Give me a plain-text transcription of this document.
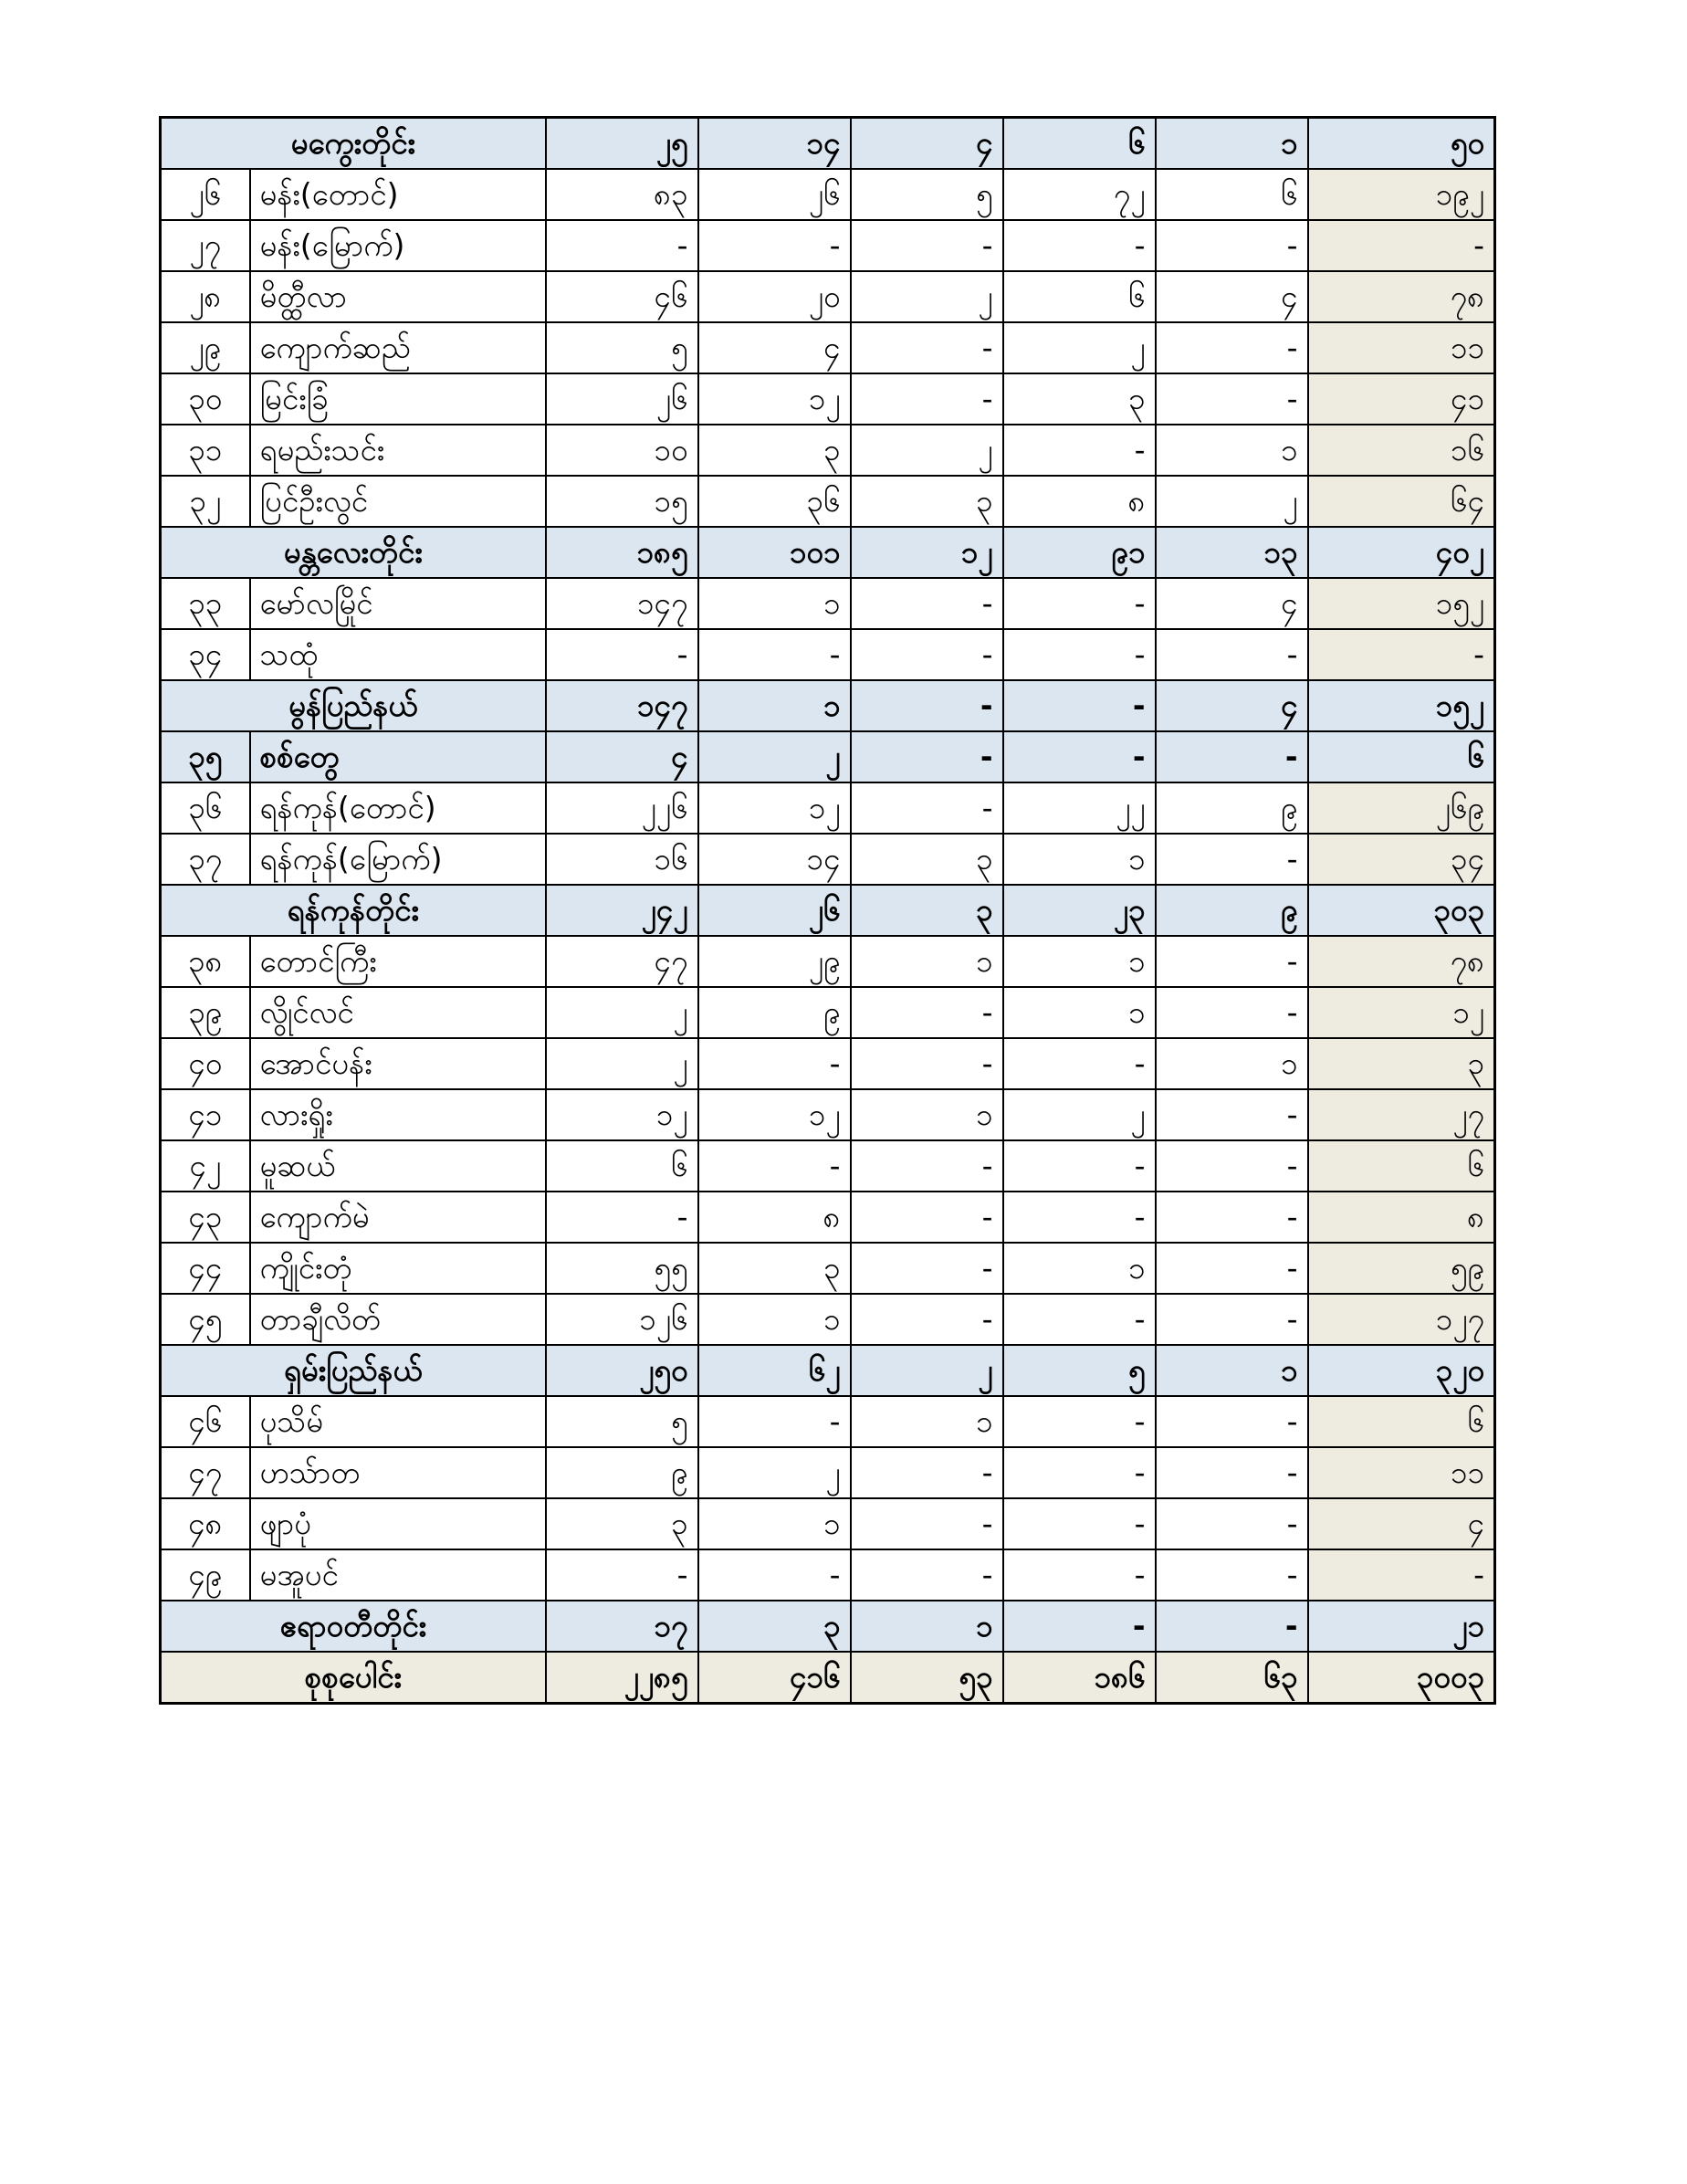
မကွေးတိုင်း		၂၅	၁၄	၄	၆	၁	၅၀
၂၆	မန်း(တောင်)	၈၃	၂၆	၅	၇၂	၆	၁၉၂
၂၇	မန်း(မြောက်)	-	-	-	-	-	-
၂၈	မိတ္ထီလာ	၄၆	၂၀	၂	၆	၄	၇၈
၂၉	ကျောက်ဆည်	၅	၄	-	၂	-	၁၁
၃၀	မြင်းခြံ	၂၆	၁၂	-	၃	-	၄၁
၃၁	ရမည်းသင်း	၁၀	၃	၂	-	၁	၁၆
၃၂	ပြင်ဦးလွင်	၁၅	၃၆	၃	၈	၂	၆၄
မန္တလေးတိုင်း		၁၈၅	၁၀၁	၁၂	၉၁	၁၃	၄၀၂
၃၃	မော်လမြိုင်	၁၄၇	၁	-	-	၄	၁၅၂
၃၄	သထုံ	-	-	-	-	-	-
မွန်ပြည်နယ်		၁၄၇	၁	-	-	၄	၁၅၂
၃၅	စစ်တွေ	၄	၂	-	-	-	၆
၃၆	ရန်ကုန်(တောင်)	၂၂၆	၁၂	-	၂၂	၉	၂၆၉
၃၇	ရန်ကုန်(မြောက်)	၁၆	၁၄	၃	၁	-	၃၄
ရန်ကုန်တိုင်း		၂၄၂	၂၆	၃	၂၃	၉	၃၀၃
၃၈	တောင်ကြီး	၄၇	၂၉	၁	၁	-	၇၈
၃၉	လွိုင်လင်	၂	၉	-	၁	-	၁၂
၄၀	အောင်ပန်း	၂	-	-	-	၁	၃
၄၁	လားရှိုး	၁၂	၁၂	၁	၂	-	၂၇
၄၂	မူဆယ်	၆	-	-	-	-	၆
၄၃	ကျောက်မဲ	-	၈	-	-	-	၈
၄၄	ကျိုင်းတုံ	၅၅	၃	-	၁	-	၅၉
၄၅	တာချီလိတ်	၁၂၆	၁	-	-	-	၁၂၇
ရှမ်းပြည်နယ်		၂၅၀	၆၂	၂	၅	၁	၃၂၀
၄၆	ပုသိမ်	၅	-	၁	-	-	၆
၄၇	ဟသ်ာတ	၉	၂	-	-	-	၁၁
၄၈	ဖျာပုံ	၃	၁	-	-	-	၄
၄၉	မအူပင်	-	-	-	-	-	-
ဧရာဝတီတိုင်း		၁၇	၃	၁	-	-	၂၁
စုစုပေါင်း		၂၂၈၅	၄၁၆	၅၃	၁၈၆	၆၃	၃၀၀၃
